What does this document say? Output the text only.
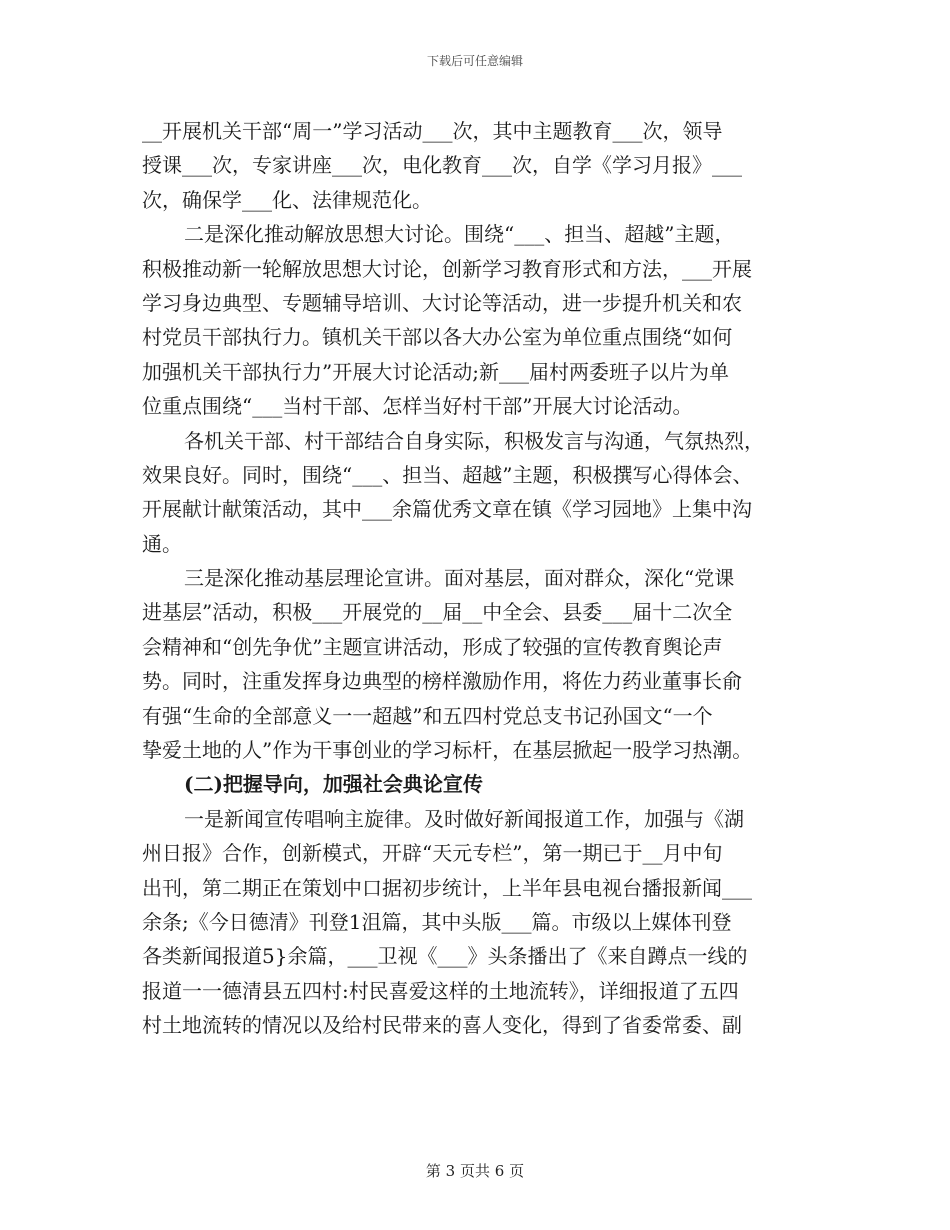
下载后可任意编辑
__开展机关干部“周一”学习活动___次，其中主题教育___次，领导
授课___次，专家讲座___次，电化教育___次，自学《学习月报》___
次，确保学___化、法律规范化。
二是深化推动解放思想大讨论。围绕“___、担当、超越”主题，
积极推动新一轮解放思想大讨论，创新学习教育形式和方法，___开展
学习身边典型、专题辅导培训、大讨论等活动，进一步提升机关和农
村党员干部执行力。镇机关干部以各大办公室为单位重点围绕“如何
加强机关干部执行力”开展大讨论活动;新___届村两委班子以片为单
位重点围绕“___当村干部、怎样当好村干部”开展大讨论活动。
各机关干部、村干部结合自身实际，积极发言与沟通，气氛热烈，
效果良好。同时，围绕“___、担当、超越”主题，积极撰写心得体会、
开展献计献策活动，其中___余篇优秀文章在镇《学习园地》上集中沟
通。
三是深化推动基层理论宣讲。面对基层，面对群众，深化“党课
进基层”活动，积极___开展党的__届__中全会、县委___届十二次全
会精神和“创先争优”主题宣讲活动，形成了较强的宣传教育舆论声
势。同时，注重发挥身边典型的榜样激励作用，将佐力药业董事长俞
有强“生命的全部意义一一超越”和五四村党总支书记孙国文“一个
挚爱土地的人”作为干事创业的学习标杆，在基层掀起一股学习热潮。
(二)把握导向，加强社会典论宣传
一是新闻宣传唱响主旋律。及时做好新闻报道工作，加强与《湖
州日报》合作，创新模式，开辟“天元专栏”，第一期已于__月中旬
出刊，第二期正在策划中口据初步统计，上半年县电视台播报新闻___
余条;《今日德清》刊登1沮篇，其中头版___篇。市级以上媒体刊登
各类新闻报道5}余篇，___卫视《___》头条播出了《来自蹲点一线的
报道一一德清县五四村:村民喜爱这样的土地流转》，详细报道了五四
村土地流转的情况以及给村民带来的喜人变化，得到了省委常委、副
第 3 页共 6 页
